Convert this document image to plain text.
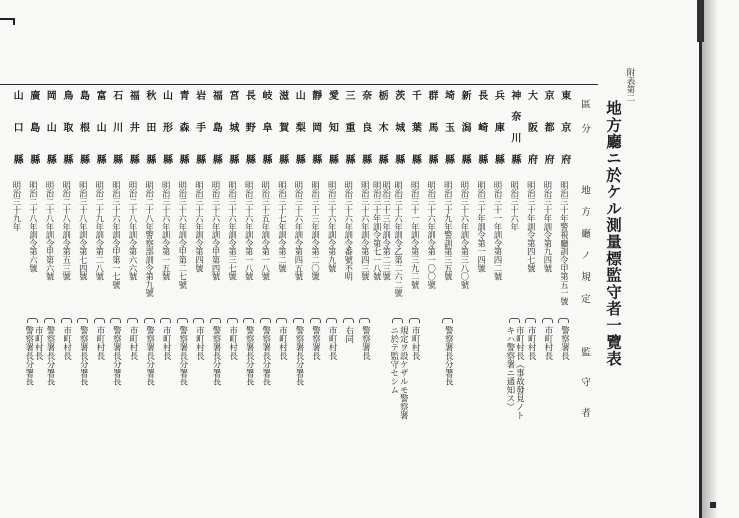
附表第二
地方廳ニ於ケル測量標監守者一覽表
區分
地方廳ノ規定
監守者
東京府
明治三十年警視廳訓令甲第五一號
警察署長
京都府
明治三十年訓令第九四號
市町村長
大阪府
明治三十年訓令第四七號
市町村長
神奈川縣
明治三十六年
市町村長（事故發見ノトキハ警察署ニ通知ス）
兵庫縣
明治三十一年訓令第四二號
長崎縣
明治三十年訓令第一四號
新潟縣
明治三十六年訓令第三八〇號
埼玉縣
明治三十九年警訓第三五號
警察署長分署長
群馬縣
明治三十六年訓令第一〇〇號
千葉縣
明治三十一年訓令第三九二號
市町村長
茨城縣
明治三十六年訓令乙第二六二號
規定ヲ設ケザルモ警察署ニ於テ監守セシム
栃木縣
明治三十三年訓令第二三號
明治三十年訓令第七一八號
奈良縣
明治三十六年訓令第四三號
警察署長
三重縣
明治三十六年訓令番號不明
右同
愛知縣
明治三十六年訓令第九號
市町村長
靜岡縣
明治三十三年訓令第二〇號
警察署長
山梨縣
明治三十六年訓令第四五號
警察署長分署長
滋賀縣
明治三十七年訓令第二號
市町村長
岐阜縣
明治三十五年訓令第一八號
警察署長分署長
長野縣
明治三十六年訓令第一八號
警察署長分署長
宮城縣
明治三十六年訓令第三七號
市町村長
福島縣
明治三十六年訓令甲第四號
警察署長分署長
岩手縣
明治三十六年訓令第四號
市町村長
青森縣
明治三十六年訓令甲第二七號
警察署長分署長
山形縣
明治三十六年訓令第一五號
市町村長
秋田縣
明治二十八年警察部訓令第九號
警察署長分署長
福井縣
明治二十八年訓令第六六號
市町村長
石川縣
明治三十六年訓令甲第一七號
警察署長分署長
富山縣
明治二十九年訓令第二八號
市町村長
島根縣
明治三十八年訓令第七四號
警察署長分署長
鳥取縣
明治二十八年訓令第五三號
市町村長
岡山縣
明治二十八年訓令甲第六號
警察署長分署長
廣島縣
明治二十八年訓令第六號
市町村長
警察署長分署長
山口縣
明治三十九年
